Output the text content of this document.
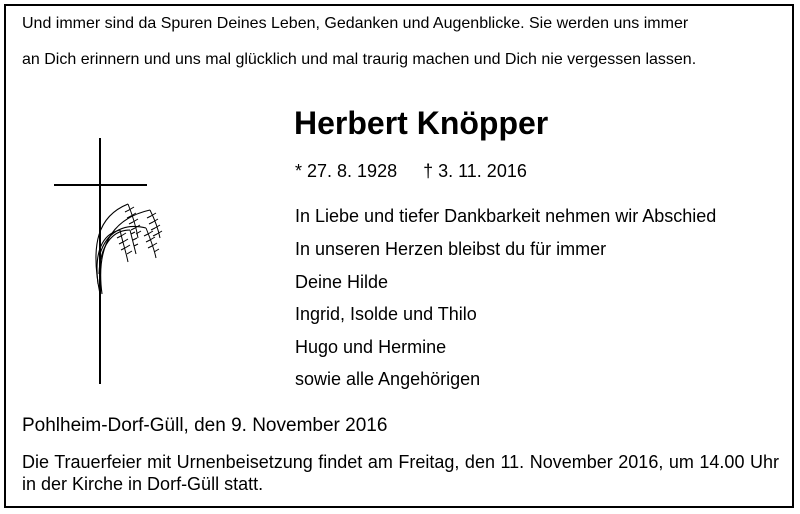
Und immer sind da Spuren Deines Leben, Gedanken und Augenblicke. Sie werden uns immer
an Dich erinnern und uns mal glücklich und mal traurig machen und Dich nie vergessen lassen.
Herbert Knöpper
* 27. 8. 1928 † 3. 11. 2016
In Liebe und tiefer Dankbarkeit nehmen wir Abschied
In unseren Herzen bleibst du für immer
Deine Hilde
Ingrid, Isolde und Thilo
Hugo und Hermine
sowie alle Angehörigen
Pohlheim-Dorf-Güll, den 9. November 2016
Die Trauerfeier mit Urnenbeisetzung findet am Freitag, den 11. November 2016, um 14.00 Uhr in der Kirche in Dorf-Güll statt.
